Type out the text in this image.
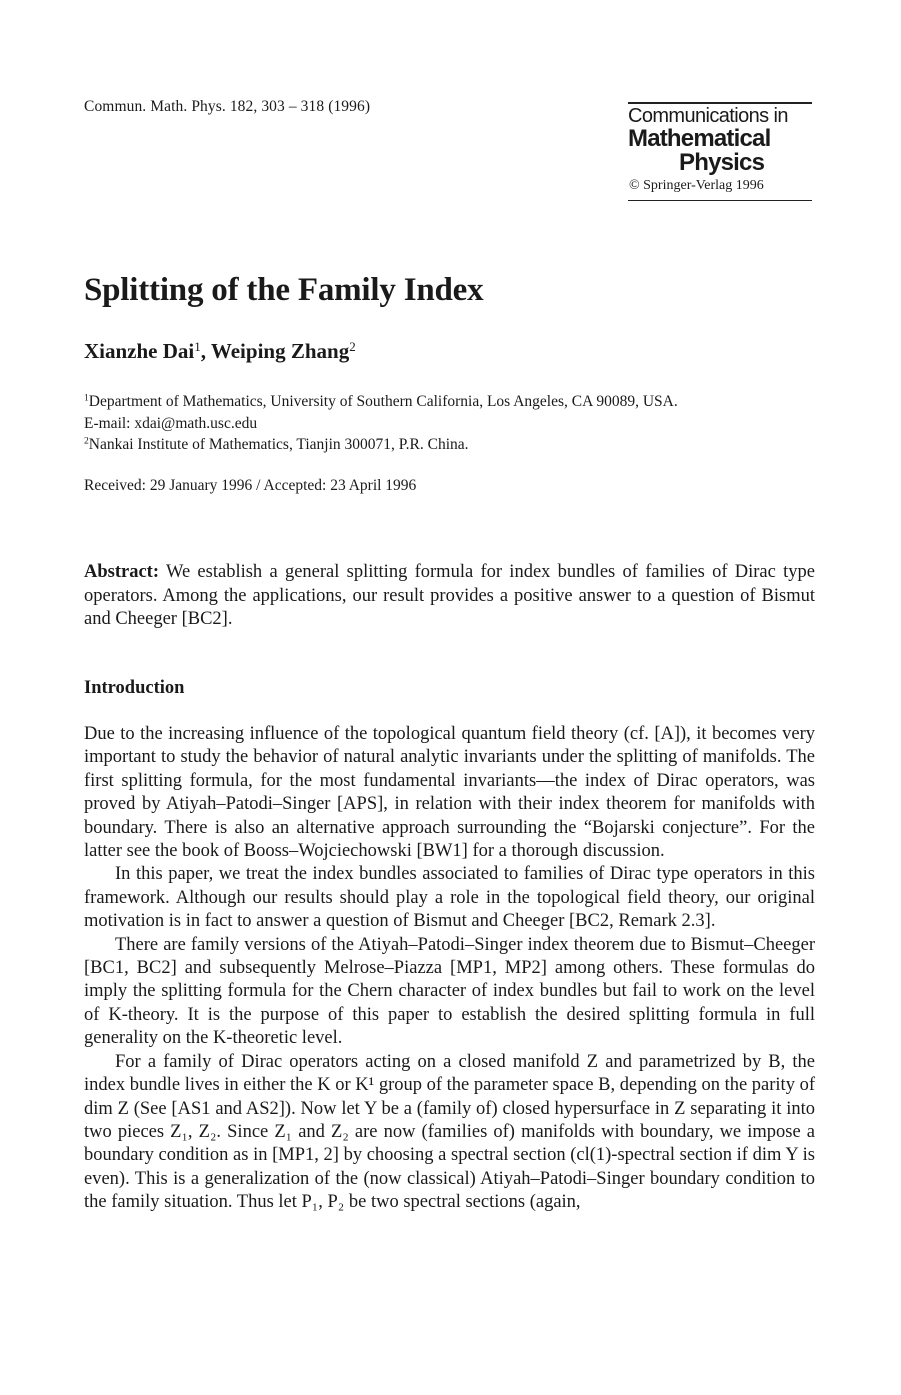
Commun. Math. Phys. 182, 303 – 318 (1996)	Communications in
Mathematical
Physics
© Springer-Verlag 1996
Splitting of the Family Index
Xianzhe Dai$^1$, Weiping Zhang$^2$
$^1$Department of Mathematics, University of Southern California, Los Angeles, CA 90089, USA.
E-mail: xdai@math.usc.edu
$^2$Nankai Institute of Mathematics, Tianjin 300071, P.R. China.
Received: 29 January 1996 / Accepted: 23 April 1996
Abstract: We establish a general splitting formula for index bundles of families of Dirac type operators. Among the applications, our result provides a positive answer to a question of Bismut and Cheeger [BC2].
Introduction

Due to the increasing influence of the topological quantum field theory (cf. [A]), it becomes very important to study the behavior of natural analytic invariants under the splitting of manifolds. The first splitting formula, for the most fundamental invariants—the index of Dirac operators, was proved by Atiyah–Patodi–Singer [APS], in relation with their index theorem for manifolds with boundary. There is also an alternative approach surrounding the “Bojarski conjecture”. For the latter see the book of Booss–Wojciechowski [BW1] for a thorough discussion.

In this paper, we treat the index bundles associated to families of Dirac type operators in this framework. Although our results should play a role in the topological field theory, our original motivation is in fact to answer a question of Bismut and Cheeger [BC2, Remark 2.3].

There are family versions of the Atiyah–Patodi–Singer index theorem due to Bismut–Cheeger [BC1, BC2] and subsequently Melrose–Piazza [MP1, MP2] among others. These formulas do imply the splitting formula for the Chern character of index bundles but fail to work on the level of K-theory. It is the purpose of this paper to establish the desired splitting formula in full generality on the K-theoretic level.

For a family of Dirac operators acting on a closed manifold Z and parametrized by B, the index bundle lives in either the K or K¹ group of the parameter space B, depending on the parity of dim Z (See [AS1 and AS2]). Now let Y be a (family of) closed hypersurface in Z separating it into two pieces Z₁, Z₂. Since Z₁ and Z₂ are now (families of) manifolds with boundary, we impose a boundary condition as in [MP1, 2] by choosing a spectral section (cl(1)-spectral section if dim Y is even). This is a generalization of the (now classical) Atiyah–Patodi–Singer boundary condition to the family situation. Thus let P₁, P₂ be two spectral sections (again,
